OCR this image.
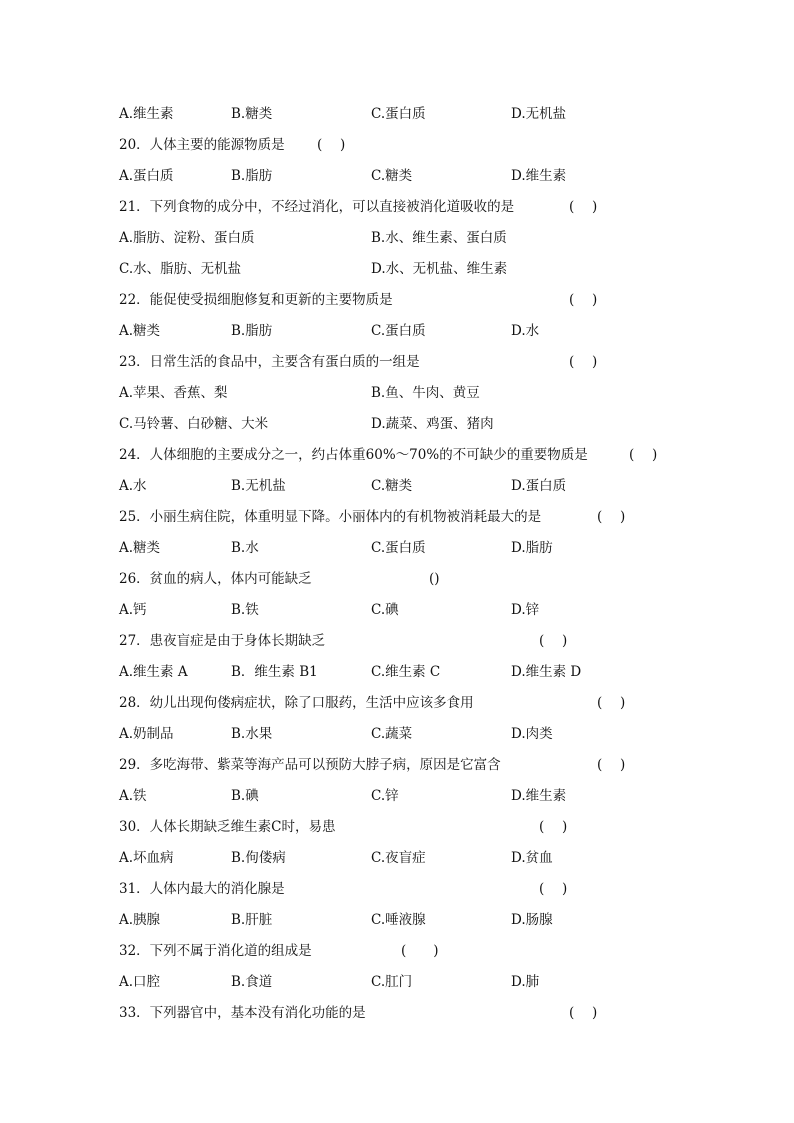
A.维生素	B.糖类	C.蛋白质	D.无机盐
20．人体主要的能源物质是 (　 )
A.蛋白质	B.脂肪	C.糖类	D.维生素
21．下列食物的成分中，不经过消化，可以直接被消化道吸收的是	(　 )
A.脂肪、淀粉、蛋白质	B.水、维生素、蛋白质
C.水、脂肪、无机盐	D.水、无机盐、维生素
22．能促使受损细胞修复和更新的主要物质是	(　 )
A.糖类	B.脂肪	C.蛋白质	D.水
23．日常生活的食品中，主要含有蛋白质的一组是	(　 )
A.苹果、香蕉、梨	B.鱼、牛肉、黄豆
C.马铃薯、白砂糖、大米	D.蔬菜、鸡蛋、猪肉
24．人体细胞的主要成分之一，约占体重60%～70%的不可缺少的重要物质是	(　 )
A.水	B.无机盐	C.糖类	D.蛋白质
25．小丽生病住院，体重明显下降。小丽体内的有机物被消耗最大的是	(　 )
A.糖类	B.水	C.蛋白质	D.脂肪
26．贫血的病人，体内可能缺乏	()
A.钙	B.铁	C.碘	D.锌
27．患夜盲症是由于身体长期缺乏	(　 )
A.维生素 A	B．维生素 B1	C.维生素 C	D.维生素 D
28．幼儿出现佝偻病症状，除了口服药，生活中应该多食用	(　 )
A.奶制品	B.水果	C.蔬菜	D.肉类
29．多吃海带、紫菜等海产品可以预防大脖子病，原因是它富含	(　 )
A.铁	B.碘	C.锌	D.维生素
30．人体长期缺乏维生素C时，易患	(　 )
A.坏血病	B.佝偻病	C.夜盲症	D.贫血
31．人体内最大的消化腺是	(　 )
A.胰腺	B.肝脏	C.唾液腺	D.肠腺
32．下列不属于消化道的组成是	(　　)
A.口腔	B.食道	C.肛门	D.肺
33．下列器官中，基本没有消化功能的是	(　 )
